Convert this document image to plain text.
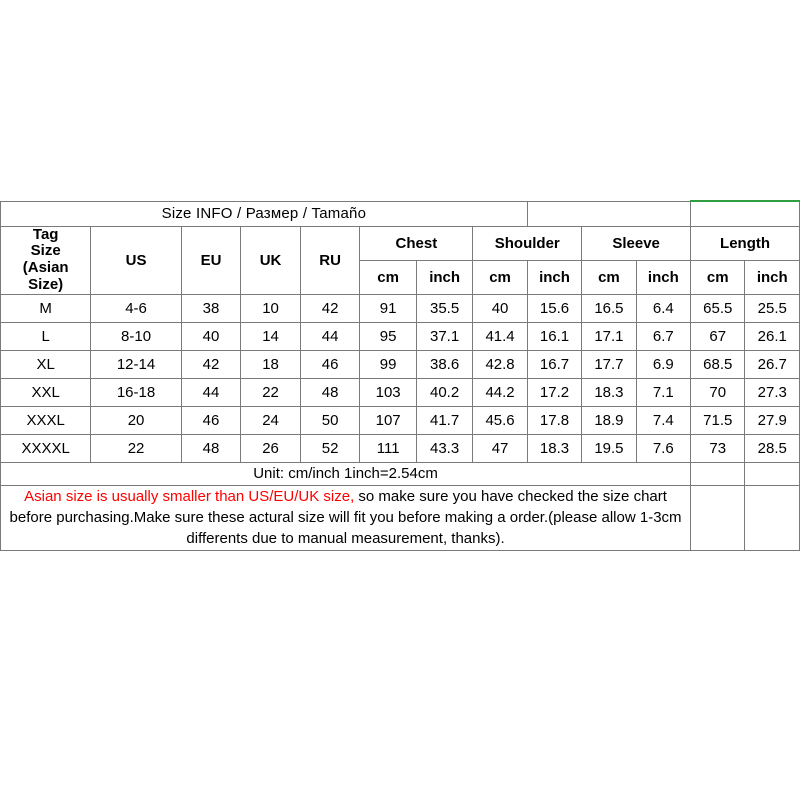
Size INFO / Размер / Tamaño												

Tag
Size
(Asian
Size)	US	EU	UK	RU	Chest		Shoulder		Sleeve		Length	
					cm	inch	cm	inch	cm	inch	cm	inch
M	4-6	38	10	42	91	35.5	40	15.6	16.5	6.4	65.5	25.5
L	8-10	40	14	44	95	37.1	41.4	16.1	17.1	6.7	67	26.1
XL	12-14	42	18	46	99	38.6	42.8	16.7	17.7	6.9	68.5	26.7
XXL	16-18	44	22	48	103	40.2	44.2	17.2	18.3	7.1	70	27.3
XXXL	20	46	24	50	107	41.7	45.6	17.8	18.9	7.4	71.5	27.9
XXXXL	22	48	26	52	111	43.3	47	18.3	19.5	7.6	73	28.5
Unit: cm/inch 1inch=2.54cm												
Asian size is usually smaller than US/EU/UK size, so make sure you have checked the size chart before purchasing.Make sure these actural size will fit you before making a order.(please allow 1-3cm differents due to manual measurement, thanks).												
